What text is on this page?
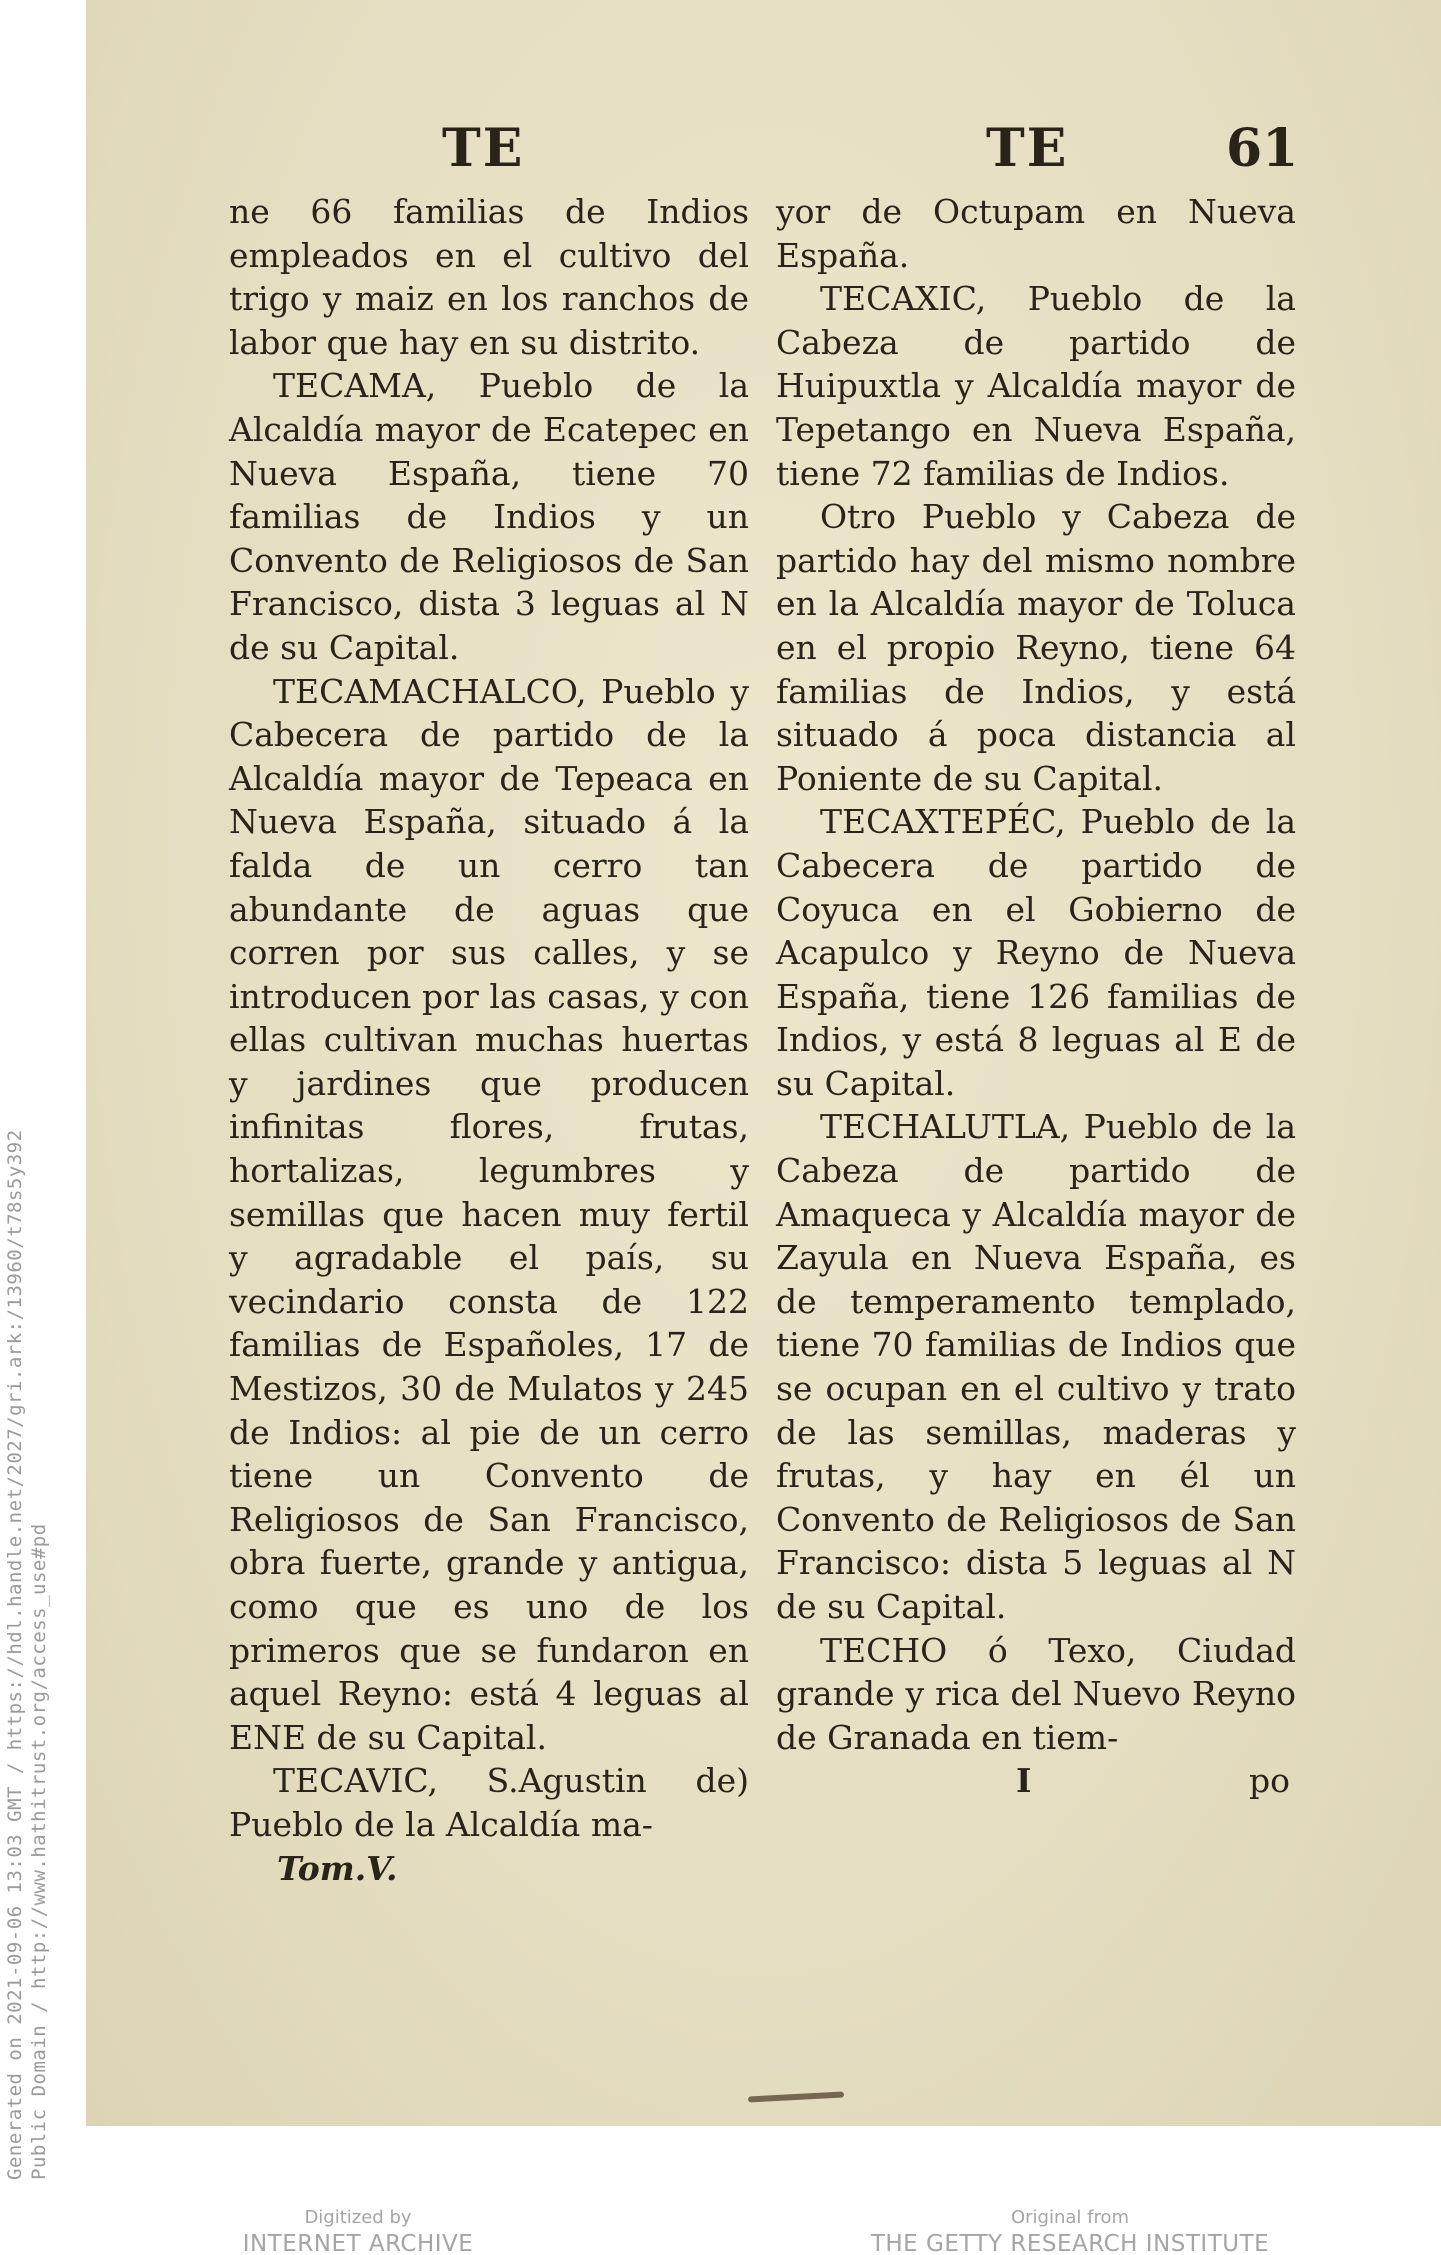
Generated on 2021-09-06 13:03 GMT / https://hdl.handle.net/2027/gri.ark:/13960/t78s5y392 Public Domain / http://www.hathitrust.org/access_use#pd
TE	TE	61

ne 66 familias de Indios empleados en el cultivo del trigo y maiz en los ranchos de labor que hay en su distrito.

TECAMA, Pueblo de la Alcaldía mayor de Ecatepec en Nueva España, tiene 70 familias de Indios y un Convento de Religiosos de San Francisco, dista 3 leguas al N de su Capital.

TECAMACHALCO, Pueblo y Cabecera de partido de la Alcaldía mayor de Tepeaca en Nueva España, situado á la falda de un cerro tan abundante de aguas que corren por sus calles, y se introducen por las casas, y con ellas cultivan muchas huertas y jardines que producen infinitas flores, frutas, hortalizas, legumbres y semillas que hacen muy fertil y agradable el país, su vecindario consta de 122 familias de Españoles, 17 de Mestizos, 30 de Mulatos y 245 de Indios: al pie de un cerro tiene un Convento de Religiosos de San Francisco, obra fuerte, grande y antigua, como que es uno de los primeros que se fundaron en aquel Reyno: está 4 leguas al ENE de su Capital.

TECAVIC, S.Agustin de) Pueblo de la Alcaldía ma-

Tom.V.

yor de Octupam en Nueva España.

TECAXIC, Pueblo de la Cabeza de partido de Huipuxtla y Alcaldía mayor de Tepetango en Nueva España, tiene 72 familias de Indios.

Otro Pueblo y Cabeza de partido hay del mismo nombre en la Alcaldía mayor de Toluca en el propio Reyno, tiene 64 familias de Indios, y está situado á poca distancia al Poniente de su Capital.

TECAXTEPÉC, Pueblo de la Cabecera de partido de Coyuca en el Gobierno de Acapulco y Reyno de Nueva España, tiene 126 familias de Indios, y está 8 leguas al E de su Capital.

TECHALUTLA, Pueblo de la Cabeza de partido de Amaqueca y Alcaldía mayor de Zayula en Nueva España, es de temperamento templado, tiene 70 familias de Indios que se ocupan en el cultivo y trato de las semillas, maderas y frutas, y hay en él un Convento de Religiosos de San Francisco: dista 5 leguas al N de su Capital.

TECHO ó Texo, Ciudad grande y rica del Nuevo Reyno de Granada en tiem-

I	po
Digitized by
INTERNET ARCHIVE
Original from
THE GETTY RESEARCH INSTITUTE
